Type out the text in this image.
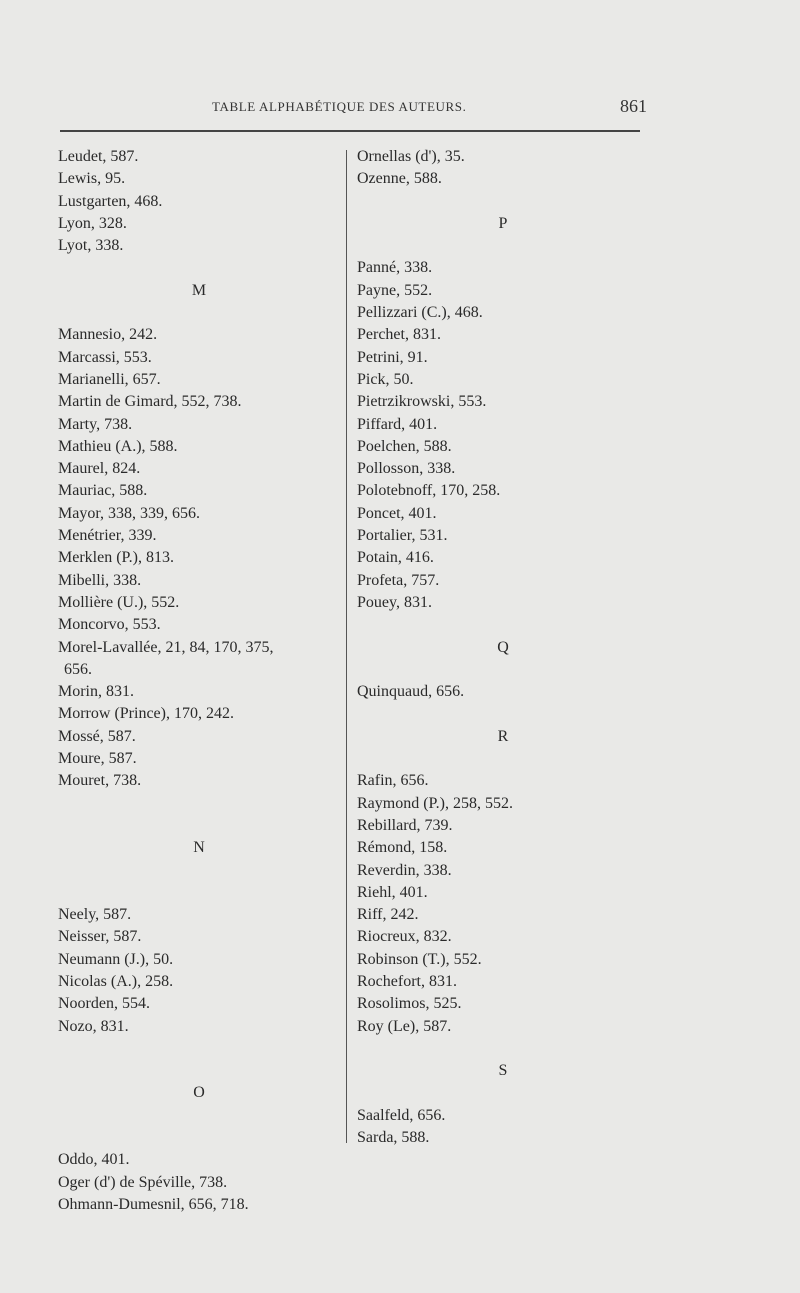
TABLE ALPHABÉTIQUE DES AUTEURS.	861
Leudet, 587.
Lewis, 95.
Lustgarten, 468.
Lyon, 328.
Lyot, 338.
M
Mannesio, 242.
Marcassi, 553.
Marianelli, 657.
Martin de Gimard, 552, 738.
Marty, 738.
Mathieu (A.), 588.
Maurel, 824.
Mauriac, 588.
Mayor, 338, 339, 656.
Menétrier, 339.
Merklen (P.), 813.
Mibelli, 338.
Mollière (U.), 552.
Moncorvo, 553.
Morel-Lavallée, 21, 84, 170, 375,
656.
Morin, 831.
Morrow (Prince), 170, 242.
Mossé, 587.
Moure, 587.
Mouret, 738.
N
Neely, 587.
Neisser, 587.
Neumann (J.), 50.
Nicolas (A.), 258.
Noorden, 554.
Nozo, 831.
O
Oddo, 401.
Oger (d') de Spéville, 738.
Ohmann-Dumesnil, 656, 718.
Ornellas (d'), 35.
Ozenne, 588.
P
Panné, 338.
Payne, 552.
Pellizzari (C.), 468.
Perchet, 831.
Petrini, 91.
Pick, 50.
Pietrzikrowski, 553.
Piffard, 401.
Poelchen, 588.
Pollosson, 338.
Polotebnoff, 170, 258.
Poncet, 401.
Portalier, 531.
Potain, 416.
Profeta, 757.
Pouey, 831.
Q
Quinquaud, 656.
R
Rafin, 656.
Raymond (P.), 258, 552.
Rebillard, 739.
Rémond, 158.
Reverdin, 338.
Riehl, 401.
Riff, 242.
Riocreux, 832.
Robinson (T.), 552.
Rochefort, 831.
Rosolimos, 525.
Roy (Le), 587.
S
Saalfeld, 656.
Sarda, 588.
